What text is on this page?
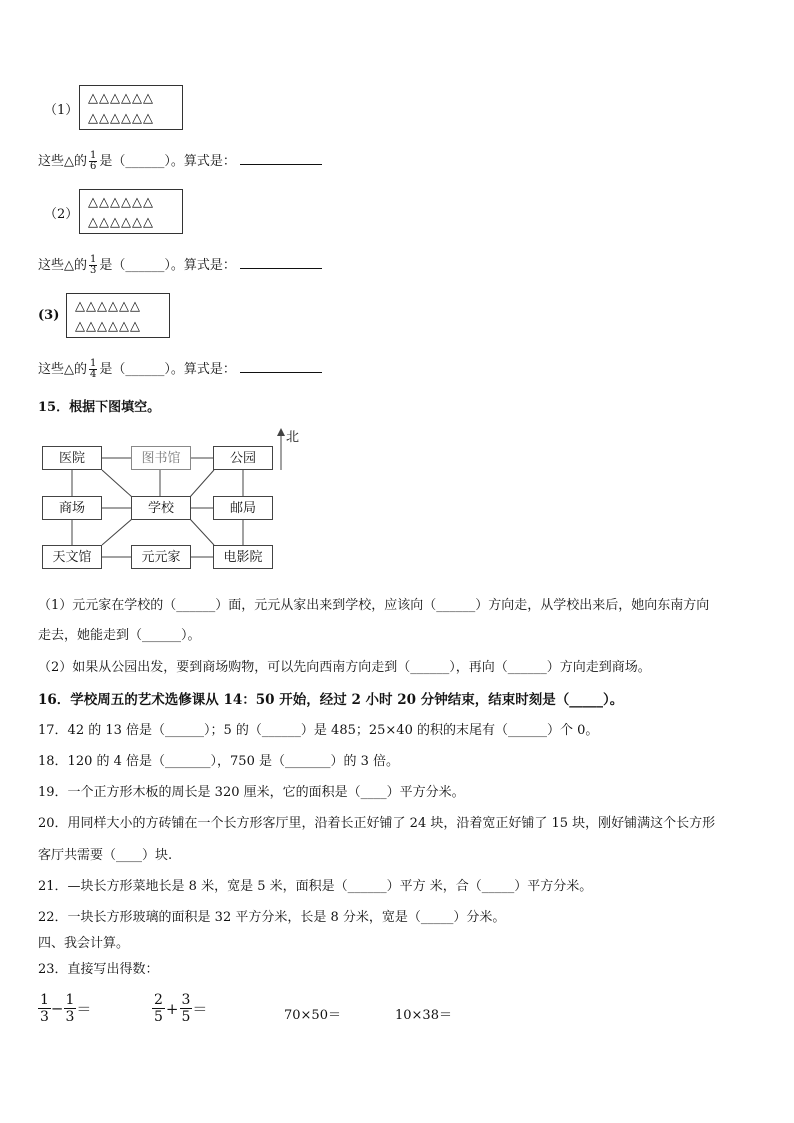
（1）
△△△△△△
△△△△△△
这些△的 $\frac{1}{6}$ 是（______）。算式是：
（2）
△△△△△△
△△△△△△
这些△的 $\frac{1}{3}$ 是（______）。算式是：
(3)
△△△△△△
△△△△△△
这些△的 $\frac{1}{4}$ 是（______）。算式是：
15．根据下图填空。
北
医院	图书馆	公园
商场	学校	邮局
天文馆	元元家	电影院
（1）元元家在学校的（______）面，元元从家出来到学校，应该向（______）方向走，从学校出来后，她向东南方向
走去，她能走到（______）。
（2）如果从公园出发，要到商场购物，可以先向西南方向走到（______），再向（______）方向走到商场。
16．学校周五的艺术选修课从 14：50 开始，经过 2 小时 20 分钟结束，结束时刻是（_____）。
17．42 的 13 倍是（______）；5 的（______）是 485；25×40 的积的末尾有（______）个 0。
18．120 的 4 倍是（_______），750 是（_______）的 3 倍。
19．一个正方形木板的周长是 320 厘米，它的面积是（____）平方分米。
20．用同样大小的方砖铺在一个长方形客厅里，沿着长正好铺了 24 块，沿着宽正好铺了 15 块，刚好铺满这个长方形
客厅共需要（____）块.
21．—块长方形菜地长是 8 米，宽是 5 米，面积是（______）平方 米，合（_____）平方分米。
22．一块长方形玻璃的面积是 32 平方分米，长是 8 分米，宽是（_____）分米。
四、我会计算。
23．直接写出得数：
$\frac{1}{3} - \frac{1}{3}$ ＝	$\frac{2}{5} + \frac{3}{5}$ ＝	70×50＝	10×38＝
